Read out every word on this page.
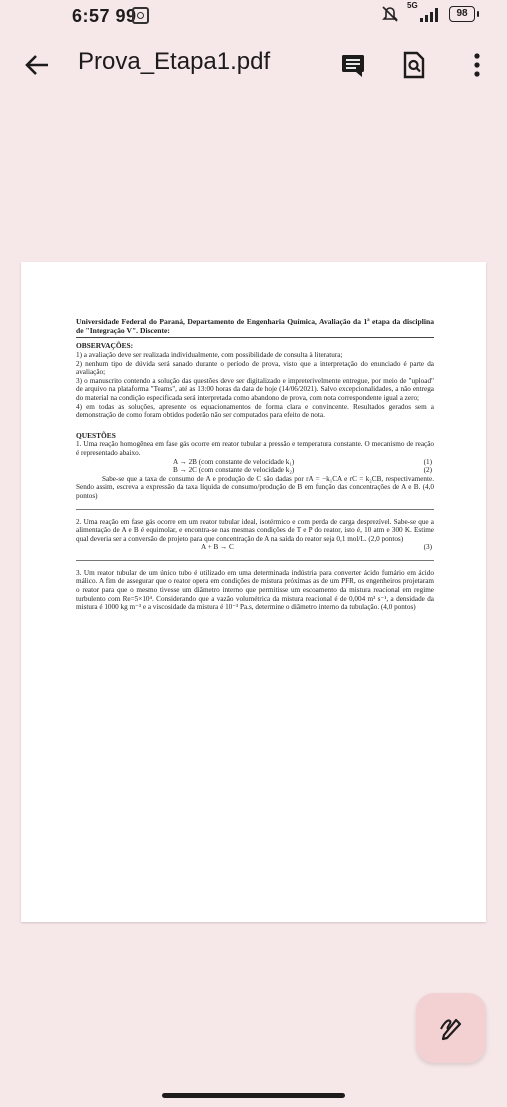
6:57 99
5G
98
Prova_Etapa1.pdf

Universidade Federal do Paraná, Departamento de Engenharia Química, Avaliação da 1ª etapa da disciplina de "Integração V". Discente:

OBSERVAÇÕES:

1) a avaliação deve ser realizada individualmente, com possibilidade de consulta à literatura;

2) nenhum tipo de dúvida será sanado durante o período de prova, visto que a interpretação do enunciado é parte da avaliação;

3) o manuscrito contendo a solução das questões deve ser digitalizado e impreterivelmente entregue, por meio de "upload" de arquivo na plataforma "Teams", até as 13:00 horas da data de hoje (14/06/2021). Salvo excepcionalidades, a não entrega do material na condição especificada será interpretada como abandono de prova, com nota correspondente igual a zero;

4) em todas as soluções, apresente os equacionamentos de forma clara e convincente. Resultados gerados sem a demonstração de como foram obtidos poderão não ser computados para efeito de nota.

QUESTÕES

1. Uma reação homogênea em fase gás ocorre em reator tubular a pressão e temperatura constante. O mecanismo de reação é representado abaixo.

A → 2B (com constante de velocidade k₁)	(1)
B → 2C (com constante de velocidade k₂)	(2)

Sabe-se que a taxa de consumo de A e produção de C são dadas por rA = −k₁CA e rC = k₂CB, respectivamente. Sendo assim, escreva a expressão da taxa líquida de consumo/produção de B em função das concentrações de A e B. (4,0 pontos)

2. Uma reação em fase gás ocorre em um reator tubular ideal, isotérmico e com perda de carga desprezível. Sabe-se que a alimentação de A e B é equimolar, e encontra-se nas mesmas condições de T e P do reator, isto é, 10 atm e 300 K. Estime qual deveria ser a conversão de projeto para que concentração de A na saída do reator seja 0,1 mol/L. (2,0 pontos)

A + B → C	(3)

3. Um reator tubular de um único tubo é utilizado em uma determinada indústria para converter ácido fumário em ácido málico. A fim de assegurar que o reator opera em condições de mistura próximas as de um PFR, os engenheiros projetaram o reator para que o mesmo tivesse um diâmetro interno que permitisse um escoamento da mistura reacional em regime turbulento com Re=5×10⁴. Considerando que a vazão volumétrica da mistura reacional é de 0,004 m³ s⁻¹, a densidade da mistura é 1000 kg m⁻³ e a viscosidade da mistura é 10⁻³ Pa.s, determine o diâmetro interno da tubulação. (4,0 pontos)
